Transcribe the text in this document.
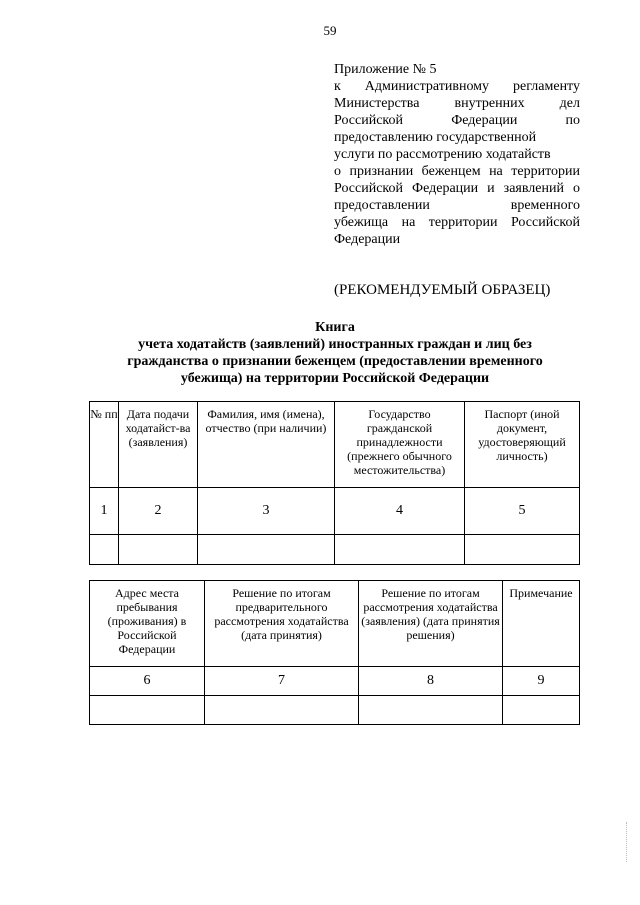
59
Приложение № 5
к Административному регламенту
Министерства внутренних дел
Российской Федерации по
предоставлению государственной
услуги по рассмотрению ходатайств
о признании беженцем на территории
Российской Федерации и заявлений о
предоставлении временного
убежища на территории Российской
Федерации
(РЕКОМЕНДУЕМЫЙ ОБРАЗЕЦ)
Книга
учета ходатайств (заявлений) иностранных граждан и лиц без
гражданства о признании беженцем (предоставлении временного
убежища) на территории Российской Федерации
№ пп	Дата подачи ходатайст-ва (заявления)	Фамилия, имя (имена), отчество (при наличии)	Государство гражданской принадлежности (прежнего обычного местожительства)	Паспорт (иной документ, удостоверяющий личность)

1	2	3	4	5

Адрес места пребывания (проживания) в Российской Федерации	Решение по итогам предварительного рассмотрения ходатайства (дата принятия)	Решение по итогам рассмотрения ходатайства (заявления) (дата принятия решения)	Примечание

6	7	8	9
